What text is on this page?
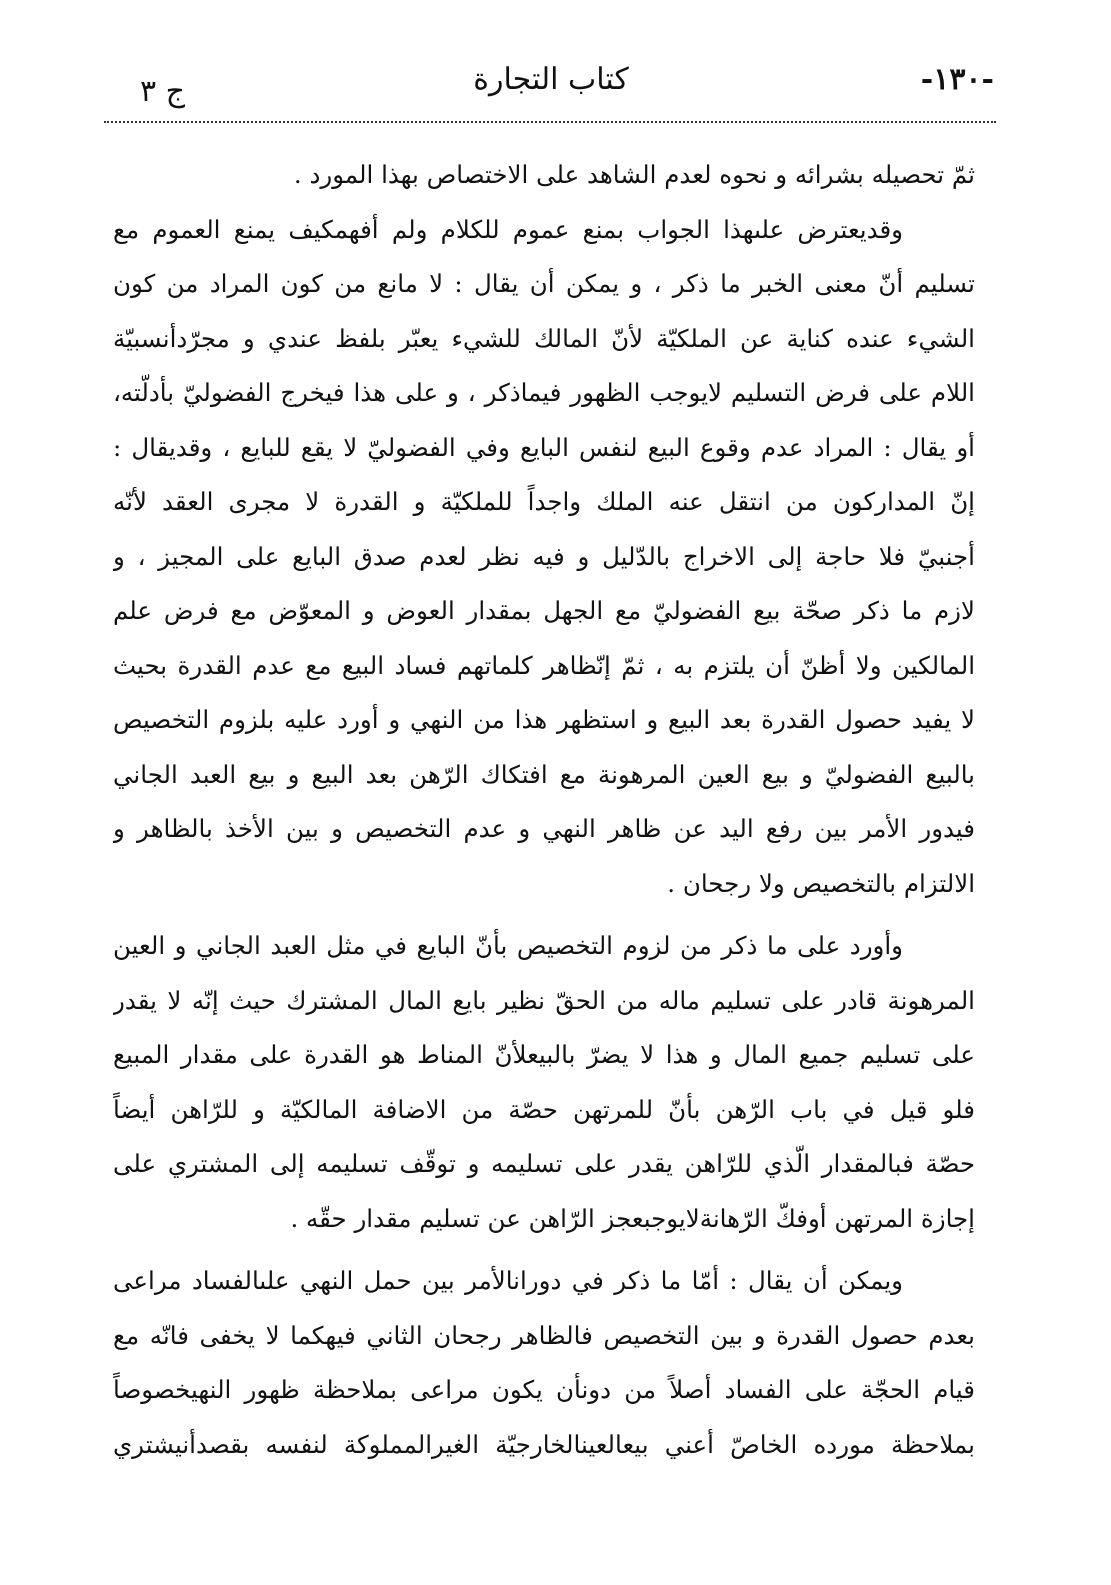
-١٣٠-
كتاب التجارة
ج ٣
ثمّ تحصيله بشرائه و نحوه لعدم الشاهد على الاختصاص بهذا المورد .
وقديعترض علىهذا الجواب بمنع عموم للكلام ولم أفهمكيف يمنع العموم مع
تسليم أنّ معنى الخبر ما ذكر ، و يمكن أن يقال : لا مانع من كون المراد من كون
الشيء عنده كناية عن الملكيّة لأنّ المالك للشيء يعبّر بلفظ عندي و مجرّدأنسبيّة
اللام على فرض التسليم لايوجب الظهور فيماذكر ، و على هذا فيخرج الفضوليّ بأدلّته،
أو يقال : المراد عدم وقوع البيع لنفس البايع وفي الفضوليّ لا يقع للبايع ، وقديقال :
إنّ المداركون من انتقل عنه الملك واجداً للملكيّة و القدرة لا مجرى العقد لأنّه
أجنبيّ فلا حاجة إلى الاخراج بالدّليل و فيه نظر لعدم صدق البايع على المجيز ، و
لازم ما ذكر صحّة بيع الفضوليّ مع الجهل بمقدار العوض و المعوّض مع فرض علم
المالكين ولا أظنّ أن يلتزم به ، ثمّ إنّظاهر كلماتهم فساد البيع مع عدم القدرة بحيث
لا يفيد حصول القدرة بعد البيع و استظهر هذا من النهي و أورد عليه بلزوم التخصيص
بالبيع الفضوليّ و بيع العين المرهونة مع افتكاك الرّهن بعد البيع و بيع العبد الجاني
فيدور الأمر بين رفع اليد عن ظاهر النهي و عدم التخصيص و بين الأخذ بالظاهر و
الالتزام بالتخصيص ولا رجحان .
وأورد على ما ذكر من لزوم التخصيص بأنّ البايع في مثل العبد الجاني و العين
المرهونة قادر على تسليم ماله من الحقّ نظير بايع المال المشترك حيث إنّه لا يقدر
على تسليم جميع المال و هذا لا يضرّ بالبيعلأنّ المناط هو القدرة على مقدار المبيع
فلو قيل في باب الرّهن بأنّ للمرتهن حصّة من الاضافة المالكيّة و للرّاهن أيضاً
حصّة فبالمقدار الّذي للرّاهن يقدر على تسليمه و توقّف تسليمه إلى المشتري على
إجازة المرتهن أوفكّ الرّهانةلايوجبعجز الرّاهن عن تسليم مقدار حقّه .
ويمكن أن يقال : أمّا ما ذكر في دورانالأمر بين حمل النهي علىالفساد مراعى
بعدم حصول القدرة و بين التخصيص فالظاهر رجحان الثاني فيهكما لا يخفى فانّه مع
قيام الحجّة على الفساد أصلاً من دونأن يكون مراعى بملاحظة ظهور النهيخصوصاً
بملاحظة مورده الخاصّ أعني بيعالعينالخارجيّة الغيرالمملوكة لنفسه بقصدأنيشتري
